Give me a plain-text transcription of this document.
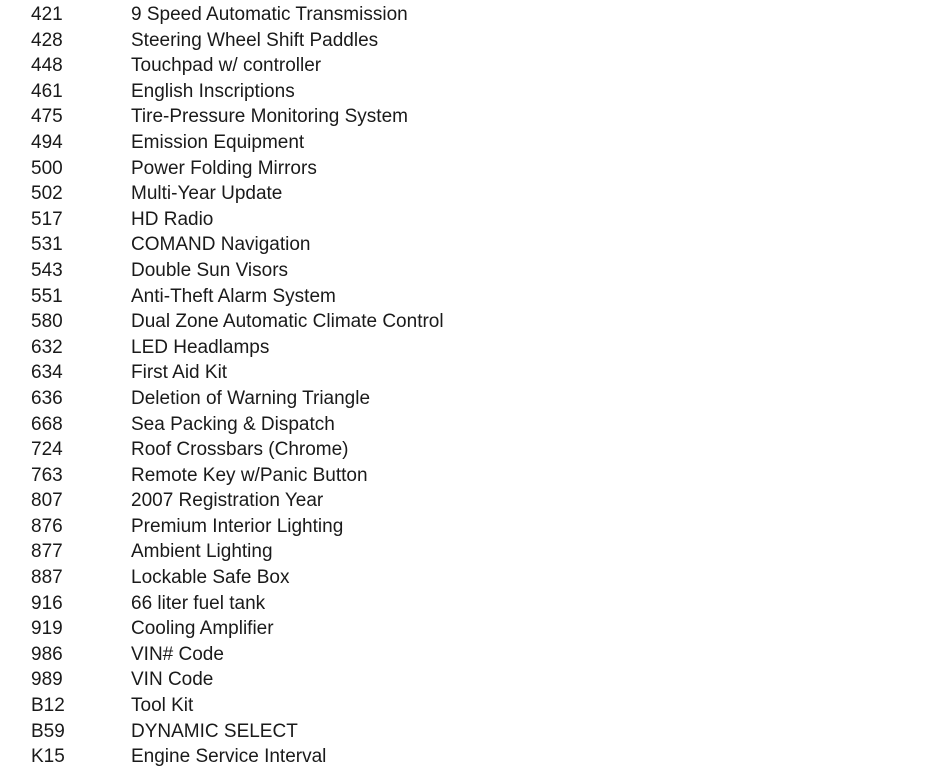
421	9 Speed Automatic Transmission
428	Steering Wheel Shift Paddles
448	Touchpad w/ controller
461	English Inscriptions
475	Tire-Pressure Monitoring System
494	Emission Equipment
500	Power Folding Mirrors
502	Multi-Year Update
517	HD Radio
531	COMAND Navigation
543	Double Sun Visors
551	Anti-Theft Alarm System
580	Dual Zone Automatic Climate Control
632	LED Headlamps
634	First Aid Kit
636	Deletion of Warning Triangle
668	Sea Packing & Dispatch
724	Roof Crossbars (Chrome)
763	Remote Key w/Panic Button
807	2007 Registration Year
876	Premium Interior Lighting
877	Ambient Lighting
887	Lockable Safe Box
916	66 liter fuel tank
919	Cooling Amplifier
986	VIN# Code
989	VIN Code
B12	Tool Kit
B59	DYNAMIC SELECT
K15	Engine Service Interval
